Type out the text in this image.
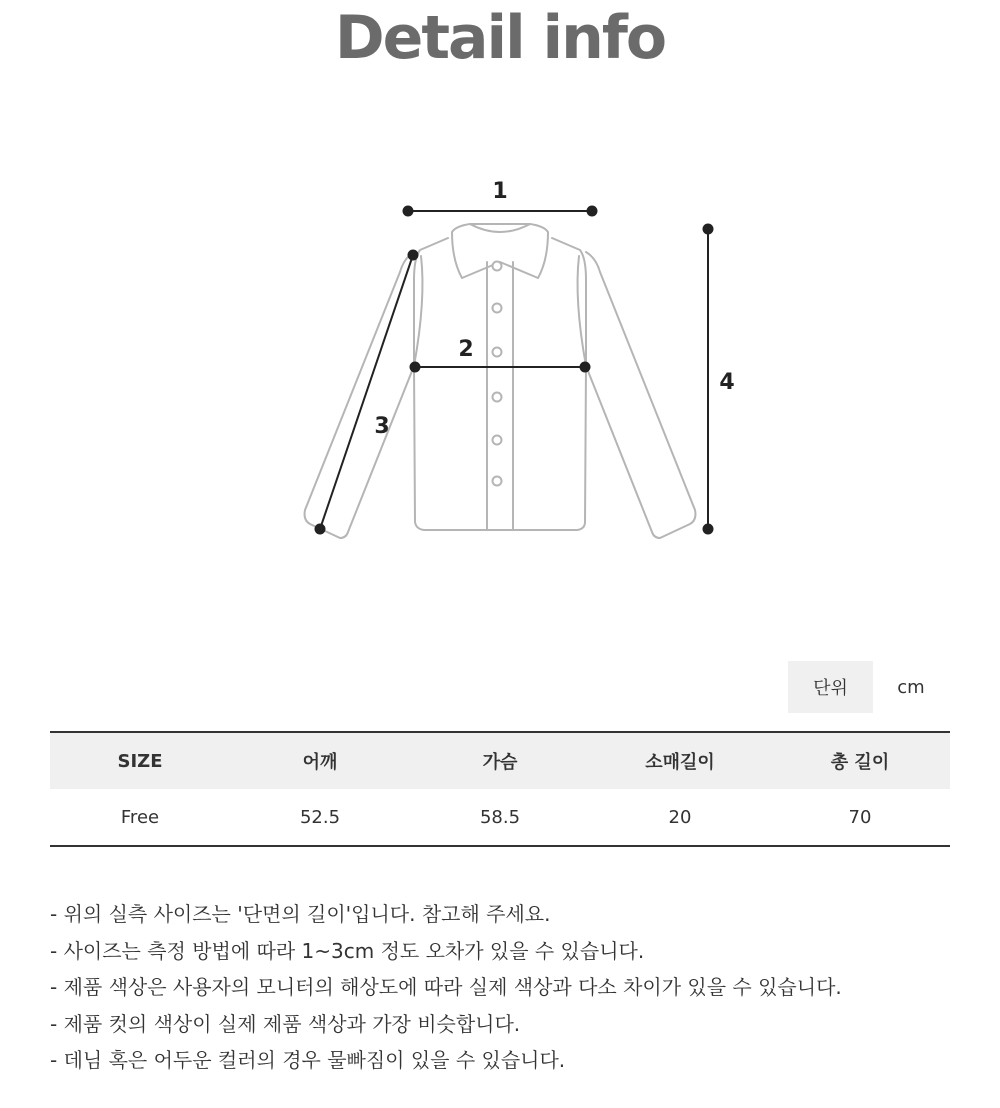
Detail info
1
2
3
4
단위	cm
SIZE	어깨	가슴	소매길이	총 길이
Free	52.5	58.5	20	70
- 위의 실측 사이즈는 '단면의 길이'입니다. 참고해 주세요.
- 사이즈는 측정 방법에 따라 1~3cm 정도 오차가 있을 수 있습니다.
- 제품 색상은 사용자의 모니터의 해상도에 따라 실제 색상과 다소 차이가 있을 수 있습니다.
- 제품 컷의 색상이 실제 제품 색상과 가장 비슷합니다.
- 데님 혹은 어두운 컬러의 경우 물빠짐이 있을 수 있습니다.
